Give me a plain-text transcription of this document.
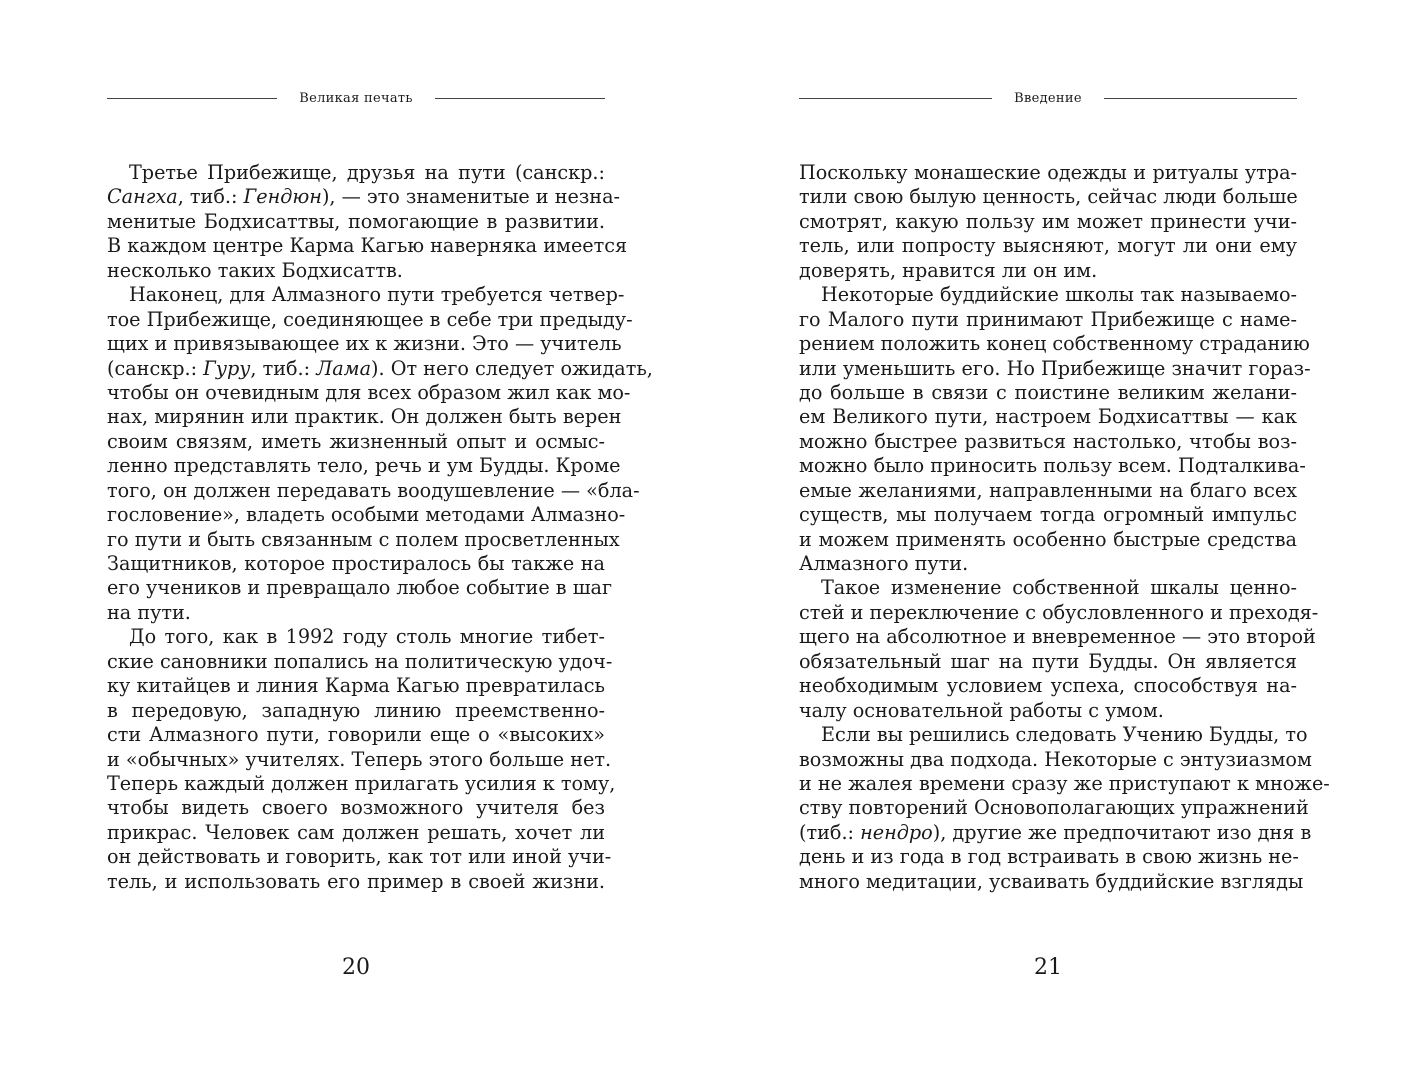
Великая печать
Третье Прибежище, друзья на пути (санскр.:
Сангха, тиб.: Гендюн), — это знаменитые и незна-
менитые Бодхисаттвы, помогающие в развитии.
В каждом центре Карма Кагью наверняка имеется
несколько таких Бодхисаттв.
Наконец, для Алмазного пути требуется четвер-
тое Прибежище, соединяющее в себе три предыду-
щих и привязывающее их к жизни. Это — учитель
(санскр.: Гуру, тиб.: Лама). От него следует ожидать,
чтобы он очевидным для всех образом жил как мо-
нах, мирянин или практик. Он должен быть верен
своим связям, иметь жизненный опыт и осмыс-
ленно представлять тело, речь и ум Будды. Кроме
того, он должен передавать воодушевление — «бла-
гословение», владеть особыми методами Алмазно-
го пути и быть связанным с полем просветленных
Защитников, которое простиралось бы также на
его учеников и превращало любое событие в шаг
на пути.
До того, как в 1992 году столь многие тибет-
ские сановники попались на политическую удоч-
ку китайцев и линия Карма Кагью превратилась
в передовую, западную линию преемственно-
сти Алмазного пути, говорили еще о «высоких»
и «обычных» учителях. Теперь этого больше нет.
Теперь каждый должен прилагать усилия к тому,
чтобы видеть своего возможного учителя без
прикрас. Человек сам должен решать, хочет ли
он действовать и говорить, как тот или иной учи-
тель, и использовать его пример в своей жизни.
20
Введение
Поскольку монашеские одежды и ритуалы утра-
тили свою былую ценность, сейчас люди больше
смотрят, какую пользу им может принести учи-
тель, или попросту выясняют, могут ли они ему
доверять, нравится ли он им.
Некоторые буддийские школы так называемо-
го Малого пути принимают Прибежище с наме-
рением положить конец собственному страданию
или уменьшить его. Но Прибежище значит гораз-
до больше в связи с поистине великим желани-
ем Великого пути, настроем Бодхисаттвы — как
можно быстрее развиться настолько, чтобы воз-
можно было приносить пользу всем. Подталкива-
емые желаниями, направленными на благо всех
существ, мы получаем тогда огромный импульс
и можем применять особенно быстрые средства
Алмазного пути.
Такое изменение собственной шкалы ценно-
стей и переключение с обусловленного и преходя-
щего на абсолютное и вневременное — это второй
обязательный шаг на пути Будды. Он является
необходимым условием успеха, способствуя на-
чалу основательной работы с умом.
Если вы решились следовать Учению Будды, то
возможны два подхода. Некоторые с энтузиазмом
и не жалея времени сразу же приступают к множе-
ству повторений Основополагающих упражнений
(тиб.: нендро), другие же предпочитают изо дня в
день и из года в год встраивать в свою жизнь не-
много медитации, усваивать буддийские взгляды
21
